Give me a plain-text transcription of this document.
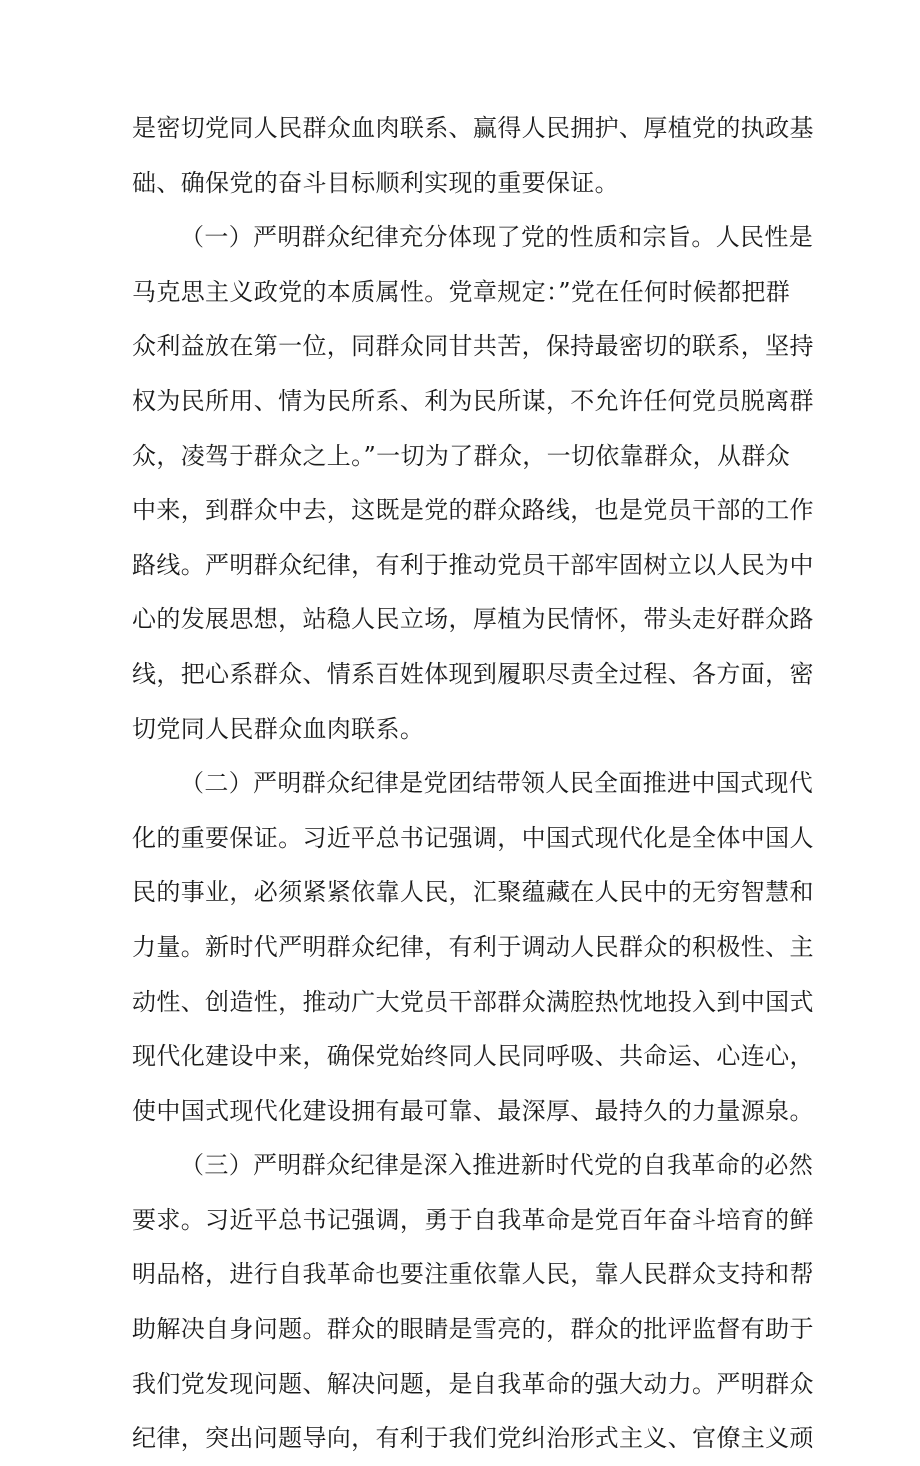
是密切党同人民群众血肉联系、赢得人民拥护、厚植党的执政基
础、确保党的奋斗目标顺利实现的重要保证。
（一）严明群众纪律充分体现了党的性质和宗旨。人民性是
马克思主义政党的本质属性。党章规定：”党在任何时候都把群
众利益放在第一位，同群众同甘共苦，保持最密切的联系，坚持
权为民所用、情为民所系、利为民所谋，不允许任何党员脱离群
众，凌驾于群众之上。”一切为了群众，一切依靠群众，从群众
中来，到群众中去，这既是党的群众路线，也是党员干部的工作
路线。严明群众纪律，有利于推动党员干部牢固树立以人民为中
心的发展思想，站稳人民立场，厚植为民情怀，带头走好群众路
线，把心系群众、情系百姓体现到履职尽责全过程、各方面，密
切党同人民群众血肉联系。
（二）严明群众纪律是党团结带领人民全面推进中国式现代
化的重要保证。习近平总书记强调，中国式现代化是全体中国人
民的事业，必须紧紧依靠人民，汇聚蕴藏在人民中的无穷智慧和
力量。新时代严明群众纪律，有利于调动人民群众的积极性、主
动性、创造性，推动广大党员干部群众满腔热忱地投入到中国式
现代化建设中来，确保党始终同人民同呼吸、共命运、心连心，
使中国式现代化建设拥有最可靠、最深厚、最持久的力量源泉。
（三）严明群众纪律是深入推进新时代党的自我革命的必然
要求。习近平总书记强调，勇于自我革命是党百年奋斗培育的鲜
明品格，进行自我革命也要注重依靠人民，靠人民群众支持和帮
助解决自身问题。群众的眼睛是雪亮的，群众的批评监督有助于
我们党发现问题、解决问题，是自我革命的强大动力。严明群众
纪律，突出问题导向，有利于我们党纠治形式主义、官僚主义顽
